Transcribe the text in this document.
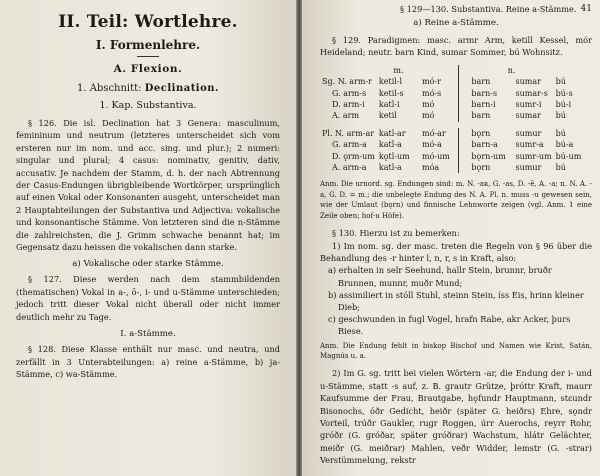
II. Teil: Wortlehre.
I. Formenlehre.
A. Flexion.
1. Abschnitt: Declination.
1. Kap. Substantiva.

§ 126. Die isl. Declination hat 3 Genera: masculinum, femininum und neutrum (letzteres unterscheidet sich vom ersteren nur im nom. und acc. sing. und plur.); 2 numeri: singular und plural; 4 casus: nominativ, genitiv, dativ, accusativ. Je nachdem der Stamm, d. h. der nach Abtrennung der Casus-Endungen übrigbleibende Wortkörper, ursprünglich auf einen Vokal oder Konsonanten ausgeht, unterscheidet man 2 Hauptabteilungen der Substantiva und Adjectiva: vokalische und konsonantische Stämme. Von letzteren sind die n-Stämme die zahlreichsten, die J. Grimm schwache benannt hat; im Gegensatz dazu heissen die vokalischen dann starke.

a) Vokalische oder starke Stämme.

§ 127. Diese werden nach dem stammbildenden (thematischen) Vokal in a-, ō-, i- und u-Stämme unterschieden; jedoch tritt dieser Vokal nicht überall oder nicht immer deutlich mehr zu Tage.

I. a-Stämme.

§ 128. Diese Klasse enthält nur masc. und neutra, und zerfällt in 3 Unterabteilungen: a) reine a-Stämme, b) ja-Stämme, c) wa-Stämme.

§ 129—130. Substantiva. Reine a-Stämme. 41
a) Reine a-Stämme.

§ 129. Paradigmen: masc. armr Arm, ketill Kessel, mór Heideland; neutr. barn Kind, sumar Sommer, bú Wohnsitz.

	m.		n.		
Sg. N. arm-r	ketil-l	mó-r	barn	sumar	bú
G. arm-s	ketil-s	mó-s	barn-s	sumar-s	bú-s
D. arm-i	katl-i	mó	barn-i	sumr-i	bú-i
A. arm	ketil	mó	barn	sumar	bú

Pl. N. arm-ar	katl-ar	mó-ar	bǫrn	sumur	bú
G. arm-a	katl-a	mó-a	barn-a	sumr-a	bú-a
D. ǫrm-um	kǫtl-um	mó-um	bǫrn-um	sumr-um	bú-um
A. arm-a	katl-a	móa	bǫrn	sumur	bú

Anm. Die urnord. sg. Endungen sind: m. N. -aʀ, G. -as, D. -ē, A. -a; n. N. A. -a, G. D. = m.; die unbelegte Endung des N. A. Pl. n. muss -u gewesen sein, wie der Umlaut (bǫrn) und finnische Lehnworte zeigen (vgl. Anm. 1 eine Zeile oben; hof-u Höfe).

§ 130. Hierzu ist zu bemerken:

1) Im nom. sg. der masc. treten die Regeln von § 96 über die Behandlung des -r hinter l, n, r, s in Kraft, also:

a) erhalten in selr Seehund, hallr Stein, brunnr, bruðr Brunnen, munnr, muðr Mund;
b) assimiliert in stóll Stuhl, steinn Stein, íss Eis, hrinn kleiner Dieb;
c) geschwunden in fugl Vogel, hrafn Rabe, akr Acker, þurs Riese.

Anm. Die Endung fehlt in biskop Bischof und Namen wie Krist, Satán, Magnús u. a.

2) Im G. sg. tritt bei vielen Wörtern -ar, die Endung der i- und u-Stämme, statt -s auf, z. B. grautr Grütze, þróttr Kraft, maurr Kaufsumme der Frau, Brautgabe, hǫfundr Hauptmann, stɛundr Bisonochs, óðr Gedicht, heiðr (später G. heiðrs) Ehre, sǫndr Vorteil, trúðr Gaukler, rugr Roggen, úrr Auerochs, reyrr Rohr, gróðr (G. gróðar, später gróðrar) Wachstum, hlátr Gelächter, meiðr (G. meiðrar) Mahlen, veðr Widder, lemstr (G. -strar) Verstümmelung, rekstr
